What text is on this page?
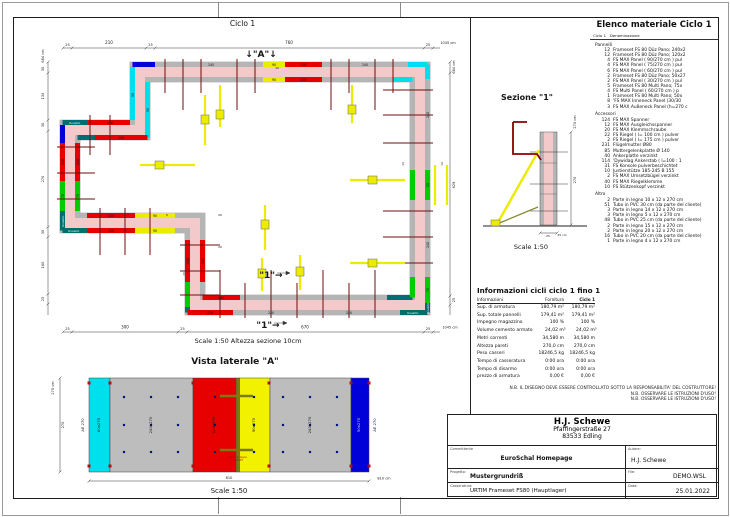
Ciclo 1
25	210	25	760	25	1045 cm
↓"A"↓
10
"1"→
"1"→
Scale 1:50 Altezza sezione 10cm
25	300	25	670	25	1045 cm
684 cm
30
134
30
270
30
160
25
684 cm
629
25
14	14
20
20
5
15
240	90	120	240
90	120
90
90
Unverkl.	120
120
120
75
Unverkl.
120
75
Unverkl.	120	90
120	90
120	120
120	240	240	Unverkl.
120
240
50
240
75
Unverkl.
Sezione "1"
270 cm
270
25 25 cm
Scale 1:50
Vista laterale "A"
60x270	240x270	120x270	90x270	240x270	50x270
AE 270	AE 270
270 cm
270
810	810 cm
Scale 1:50
Parte in legno
10x270
Elenco materiale Ciclo 1
Ciclo 1 Denominazione
Pannelli
12 Frameset FS 80 Düz Pano; 240x2
12 Frameset FS 80 Düz Pano; 120x2
4 FS MAX Panel ( 90/270 cm ) pul
4 FS MAX Panel ( 75/270 cm ) pul
6 FS MAX Panel ( 60/270 cm ) pul
2 Frameset FS 80 Düz Pano; 50x27
2 FS MAX Panel ( 30/270 cm ) pul
5 Frameset FS 80 Multi Pano; 75x
4 FS Multi Panel ( 60/270 cm ) p
1 Frameset FS 80 Multi Pano; 50x
8 'FS MAX Inneneck Panel (30/30
3 FS MAX Außeneck Panel (h=270 c
Accessori
124 FS MAX Spanner
12 FS MAX Ausgleichsspanner
20 FS MAX Klemmschraube
22 FS Riegel ( l= 100 cm ) pulver
2 FS Riegel ( l= 175 cm ) pulver
231 Flügelmutter Ø80
85 Muttergelenkplatte Ø 140
40 Ankerplatte verzinkt
114 'Dywidag Ankerstab ( l=100 : 1
31 FS Konsole pulverbeschichtet
10 Justierstütze 185-245 B 155
2 FS MAX Umsetzbügel verzinkt
40 FS MAX Riegelklemme
10 FS Stützenkopf verzinkt
Altro
2 Parte in legno 10 x 12 x 270 cm
51 Tubo in PVC 30 cm (da parte del cliente)
3 Parte in legno 14 x 12 x 270 cm
3 Parte in legno 5 x 12 x 270 cm
48 Tubo in PVC 25 cm (da parte del cliente)
2 Parte in legno 15 x 12 x 270 cm
2 Parte in legno 20 x 12 x 270 cm
16 Tubo in PVC 20 cm (da parte del cliente)
1 Parte in legno 4 x 12 x 270 cm
Informazioni cicli ciclo 1 fino 1
Informazioni	Fornitura	Ciclo 1
Sup. di armatura	180,79 m²	180,79 m²
Sup. totale pannelli	179,41 m²	179,41 m²
Impegno magazzino	100 %	100 %
Volume cemento armato	24,02 m³	24,02 m³
Metri correnti	34,580 m	34,580 m
Altezza pareti	270,0 cm	270,0 cm
Peso casseri	18246,5 kg	18246,5 kg
Tempo di casseratura	0:00 ora	0:00 ora
Tempo di disarmo	0:00 ora	0:00 ora
prezzo di armatura	0,00 €	0,00 €
N.B. IL DISEGNO DEVE ESSERE CONTROLLATO SOTTO LA RESPONSABILITA' DEL COSTRUTTORE!
N.B. OSSERVARE LE ISTRUZIONI D'USO!
N.B. OSSERVARE LE ISTRUZIONI D'USO!
H.J. Schewe
Pfaffingerstraße 27
83533 Edling
Committente
EuroSchal Homepage
Autore:
H.J. Schewe
Progetto:
Mustergrundriß
File:
DEMO.WSL
Casseratura:
URTIM Frameset FS80 (Hauptlager)
Data:
25.01.2022
